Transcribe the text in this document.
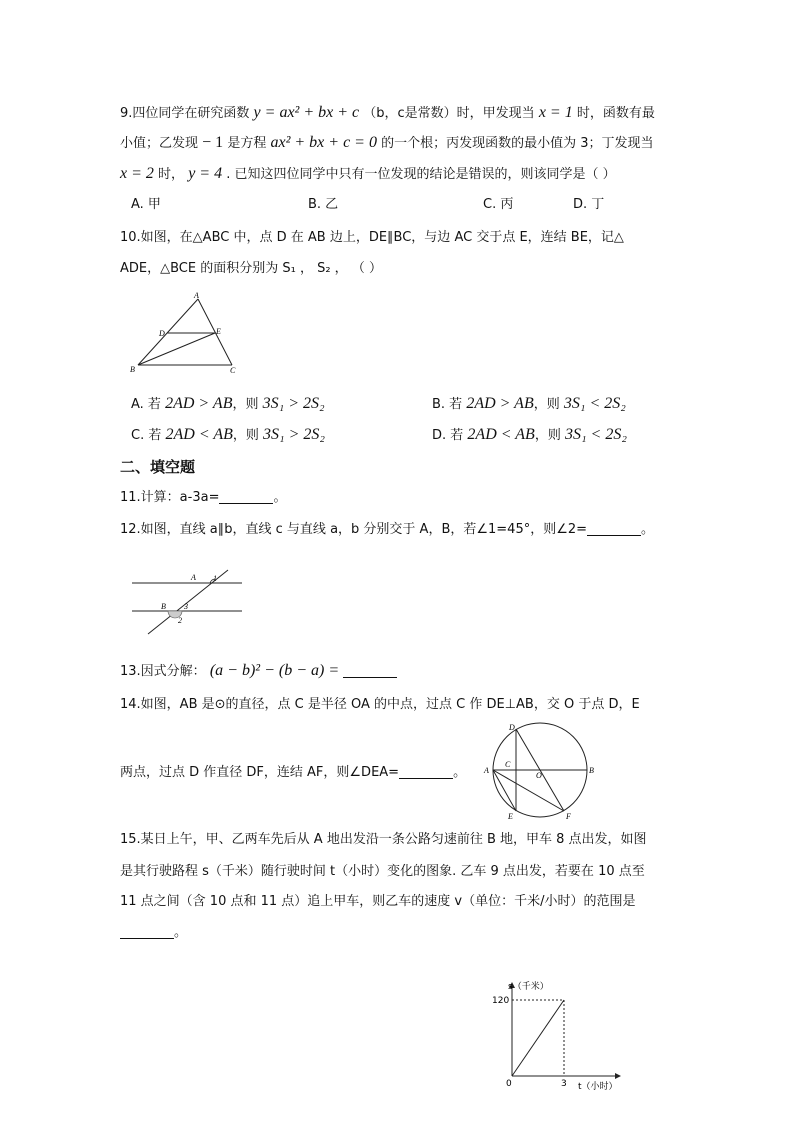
9.四位同学在研究函数 y = ax² + bx + c （b，c是常数）时，甲发现当 x = 1 时，函数有最
小值；乙发现 − 1 是方程 ax² + bx + c = 0 的一个根；丙发现函数的最小值为 3；丁发现当
x = 2 时， y = 4 . 已知这四位同学中只有一位发现的结论是错误的，则该同学是（ ）
A. 甲	B. 乙	C. 丙	D. 丁
10.如图，在△ABC 中，点 D 在 AB 边上，DE∥BC，与边 AC 交于点 E，连结 BE，记△
ADE，△BCE 的面积分别为 S₁ ， S₂ ， （ ）
A
D	E
B	C
A. 若 2AD > AB，则 3S₁ > 2S₂	B. 若 2AD > AB，则 3S₁ < 2S₂
C. 若 2AD < AB，则 3S₁ > 2S₂	D. 若 2AD < AB，则 3S₁ < 2S₂
二、填空题
11.计算：a-3a=	。
12.如图，直线 a∥b，直线 c 与直线 a，b 分别交于 A，B，若∠1=45°，则∠2=	。
A 1
B 3
2
13.因式分解： (a − b)² − (b − a) =
14.如图，AB 是⊙的直径，点 C 是半径 OA 的中点，过点 C 作 DE⊥AB，交 O 于点 D，E
两点，过点 D 作直径 DF，连结 AF，则∠DEA=	。
D
A
C
O
B
E	F
15.某日上午，甲、乙两车先后从 A 地出发沿一条公路匀速前往 B 地，甲车 8 点出发，如图
是其行驶路程 s（千米）随行驶时间 t（小时）变化的图象. 乙车 9 点出发，若要在 10 点至
11 点之间（含 10 点和 11 点）追上甲车，则乙车的速度 v（单位：千米/小时）的范围是
。
0	3
120
s（千米）
t（小时）
